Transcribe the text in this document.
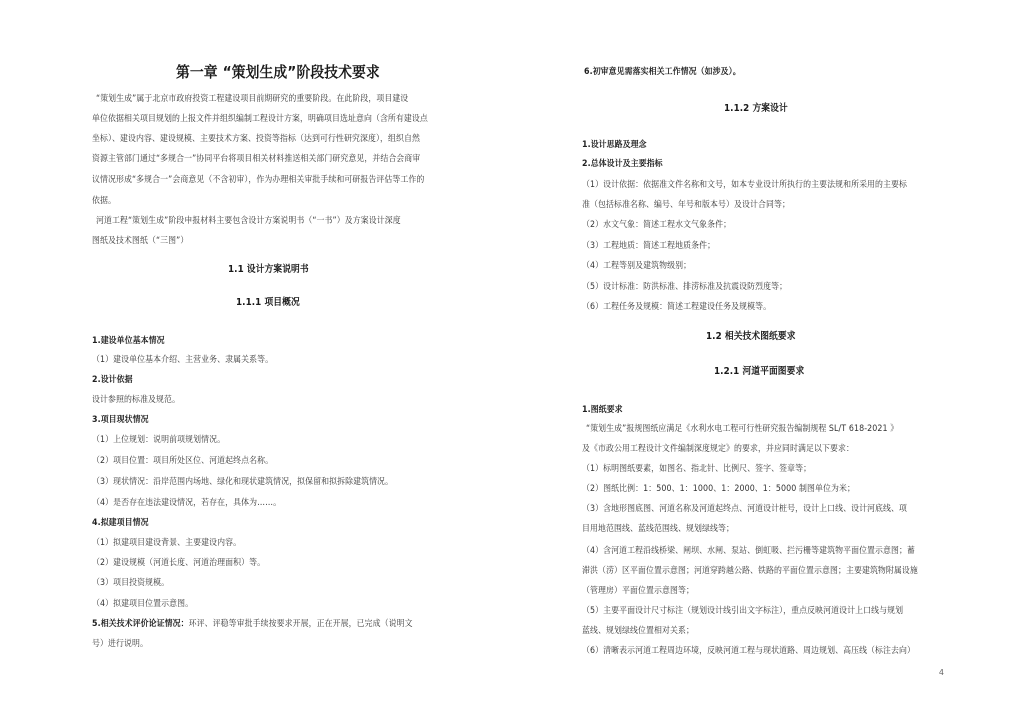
第一章 “策划生成”阶段技术要求
“策划生成”属于北京市政府投资工程建设项目前期研究的重要阶段。在此阶段，项目建设
单位依据相关项目规划的上报文件并组织编制工程设计方案，明确项目选址意向（含所有建设点
坐标）、建设内容、建设规模、主要技术方案、投资等指标（达到可行性研究深度），组织自然
资源主管部门通过“多规合一”协同平台将项目相关材料推送相关部门研究意见，并结合会商审
议情况形成“多规合一”会商意见（不含初审），作为办理相关审批手续和可研报告评估等工作的
依据。
河道工程“策划生成”阶段申报材料主要包含设计方案说明书（“一书”）及方案设计深度
图纸及技术图纸（“三图”）
1.1 设计方案说明书
1.1.1 项目概况
1.建设单位基本情况
（1）建设单位基本介绍、主营业务、隶属关系等。
2.设计依据
设计参照的标准及规范。
3.项目现状情况
（1）上位规划：说明前项规划情况。
（2）项目位置：项目所处区位、河道起终点名称。
（3）现状情况：沿岸范围内场地、绿化和现状建筑情况，拟保留和拟拆除建筑情况。
（4）是否存在违法建设情况，若存在，具体为……。
4.拟建项目情况
（1）拟建项目建设背景、主要建设内容。
（2）建设规模（河道长度、河道治理面积）等。
（3）项目投资规模。
（4）拟建项目位置示意图。
5.相关技术评价论证情况：环评、评稳等审批手续按要求开展，正在开展，已完成（说明文
号）进行说明。
6.初审意见需落实相关工作情况（如涉及）。
1.1.2 方案设计
1.设计思路及理念
2.总体设计及主要指标
（1）设计依据：依据准文件名称和文号，如本专业设计所执行的主要法规和所采用的主要标
准（包括标准名称、编号、年号和版本号）及设计合同等；
（2）水文气象：简述工程水文气象条件；
（3）工程地质：简述工程地质条件；
（4）工程等别及建筑物级别；
（5）设计标准：防洪标准、排涝标准及抗震设防烈度等；
（6）工程任务及规模：简述工程建设任务及规模等。
1.2 相关技术图纸要求
1.2.1 河道平面图要求
1.图纸要求
“策划生成”报规图纸应满足《水利水电工程可行性研究报告编制规程 SL/T 618-2021 》
及《市政公用工程设计文件编制深度规定》的要求，并应同时满足以下要求：
（1）标明图纸要素，如图名、指北针、比例尺、签字、签章等；
（2）图纸比例：1：500、1：1000、1：2000、1：5000 制图单位为米；
（3）含地形图底图、河道名称及河道起终点、河道设计桩号，设计上口线、设计河底线、项
目用地范围线、蓝线范围线、规划绿线等；
（4）含河道工程沿线桥梁、闸坝、水闸、泵站、倒虹吸、拦污栅等建筑物平面位置示意图；蓄
滞洪（涝）区平面位置示意图；河道穿跨越公路、铁路的平面位置示意图；主要建筑物附属设施
（管理房）平面位置示意图等；
（5）主要平面设计尺寸标注（规划设计线引出文字标注），重点反映河道设计上口线与规划
蓝线、规划绿线位置相对关系；
（6）清晰表示河道工程周边环境，反映河道工程与现状道路、周边规划、高压线（标注去向）
4
